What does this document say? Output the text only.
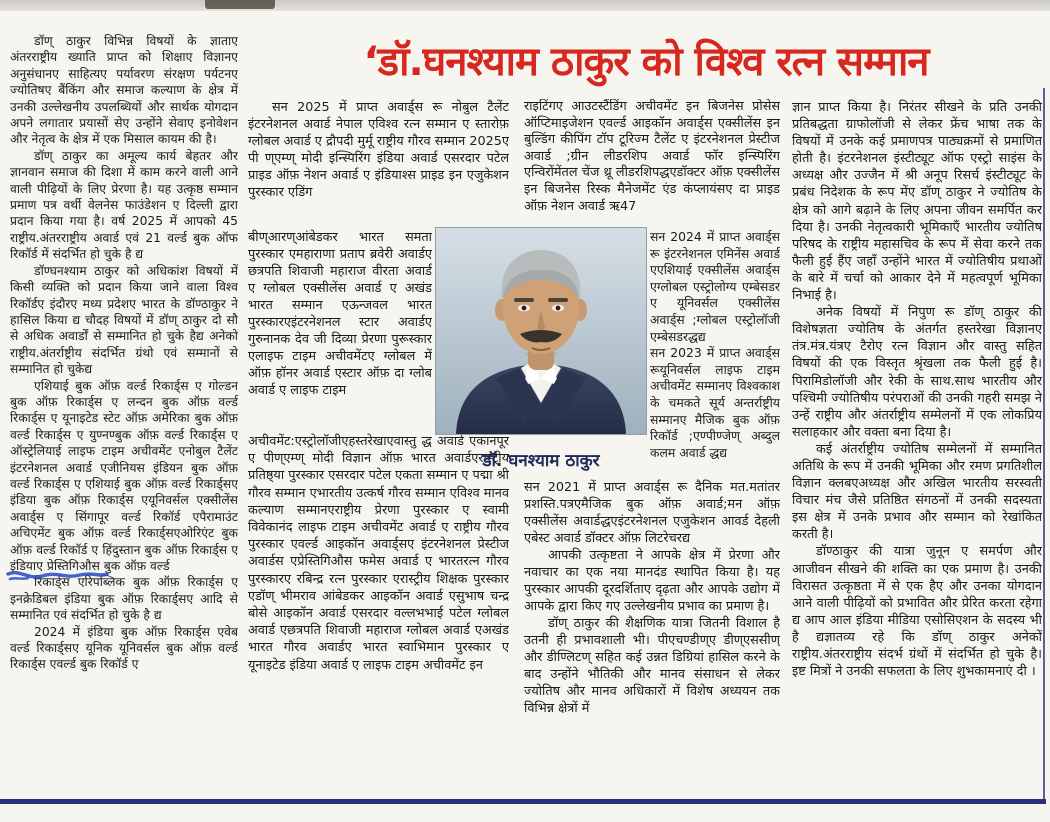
‘डॉ.घनश्याम ठाकुर को विश्व रत्न सम्मान

डॉण् ठाकुर विभिन्न विषयों के ज्ञाताए अंतरराष्ट्रीय ख्याति प्राप्त को शिक्षाए विज्ञानए अनुसंधानए साहित्यए पर्यावरण संरक्षण पर्यटनए ज्योतिषए बैंकिंग और समाज कल्याण के क्षेत्र में उनकी उल्लेखनीय उपलब्धियों और सार्थक योगदान अपने लगातार प्रयासों सेए उन्होंने सेवाए इनोवेशन और नेतृत्व के क्षेत्र में एक मिसाल कायम की है।

डॉण् ठाकुर का अमूल्य कार्य बेहतर और ज्ञानवान समाज की दिशा में काम करने वाली आने वाली पीढ़ियों के लिए प्रेरणा है। यह उत्कृष्ठ सम्मान प्रमाण पत्र वर्थी वेलनेस फाउंडेशन ए दिल्ली द्वारा प्रदान किया गया है। वर्ष 2025 में आपको 45 राष्ट्रीय.अंतरराष्ट्रीय अवार्ड एवं 21 वर्ल्ड बुक ऑफ रिकॉर्ड में संदर्भित हो चुके है द्य

डॉण्घनश्याम ठाकुर को अधिकांश विषयों में किसी व्यक्ति को प्रदान किया जाने वाला विश्व रिकॉर्डए इंदौरए मध्य प्रदेशए भारत के डॉण्ठाकुर ने हासिल किया द्य चौदह विषयों में डॉण् ठाकुर दो सौ से अधिक अवार्डों से सम्मानित हो चुके हैद्य अनेको राष्ट्रीय.अंतर्राष्ट्रीय संदर्भित ग्रंथो एवं सम्मानों से सम्मानित हो चुकेद्य

एशियाई बुक ऑफ़ वर्ल्ड रिकार्ड्स ए गोल्डन बुक ऑफ़ रिकार्ड्स ए लन्दन बुक ऑफ़ वर्ल्ड रिकार्ड्स ए यूनाइटेड स्टेट ऑफ़ अमेरिका बुक ऑफ़ वर्ल्ड रिकार्ड्स ए युण्नण्बुक ऑफ़ वर्ल्ड रिकार्ड्स ए ऑस्ट्रेलियाई लाइफ टाइम अचीवमेंट एनोबुल टैलेंट इंटरनेशनल अवार्ड एजीनियस इंडियन बुक ऑफ़ वर्ल्ड रिकार्ड्स ए एशियाई बुक ऑफ़ वर्ल्ड रिकार्ड्सए इंडिया बुक ऑफ़ रिकार्ड्स एयूनिवर्सल एक्सीलेंस अवार्ड्स ए सिंगापूर वर्ल्ड रिकॉर्ड एपैरामाउंट अचिएमेंट बुक ऑफ़ वर्ल्ड रिकार्ड्सएओरिएंट बुक ऑफ़ वर्ल्ड रिकॉर्ड ए हिंदुस्तान बुक ऑफ़ रिकार्ड्स ए इंडियाए प्रेस्तिगिऔस बुक ऑफ़ वर्ल्ड

रिकार्ड्स एरिपब्लिक बुक ऑफ़ रिकार्ड्स ए इनक्रेडिबल इंडिया बुक ऑफ़ रिकार्ड्सए आदि से सम्मानित एवं संदर्भित हो चुके है द्य

2024 में इंडिया बुक ऑफ़ रिकार्ड्स एवेब वर्ल्ड रिकार्ड्सए यूनिक यूनिवर्सल बुक ऑफ़ वर्ल्ड रिकार्ड्स एवर्ल्ड बुक रिकॉर्ड ए

सन 2025 में प्राप्त अवार्ड्स रू नोबुल टैलेंट इंटरनेशनल अवार्ड नेपाल एविश्व रत्न सम्मान ए स्तारोफ़ ग्लोबल अवार्ड ए द्रौपदी मुर्मू राष्ट्रीय गौरव सम्मान 2025ए पी ण्एम्ण् मोदी इन्स्पिरिंग इंडिया अवार्ड एसरदार पटेल प्राइड ऑफ़ नेशन अवार्ड ए इंडियाश्स प्राइड इन एजुकेशन पुरस्कार एडिंग

बीण्आरण्आंबेडकर भारत समता पुरस्कार एमहाराणा प्रताप ब्रवेरी अवार्डए छत्रपति शिवाजी महाराज वीरता अवार्ड ए ग्लोबल एक्सीलेंस अवार्ड ए अखंड भारत सम्मान एऊन्जवल भारत पुरस्कारएइंटरनेशनल स्टार अवार्डए गुरुनानक देव जी दिव्या प्रेरणा पुरूस्कार एलाइफ टाइम अचीवमेंटए ग्लोबल में ऑफ़ हॉनर अवार्ड एस्टार ऑफ़ दा ग्लोब अवार्ड ए लाइफ टाइम

अचीवमेंट:एस्ट्रोलॉजीएहस्तरेखाएवास्तु द्ध अवार्ड एकानपूर ए पीण्एम्ण् मोदी विज्ञान ऑफ़ भारत अवार्डएरास्ट्रीय प्रतिष्ठ्या पुरस्कार एसरदार पटेल एकता सम्मान ए पद्मा श्री गौरव सम्मान एभारतीय उत्कर्ष गौरव सम्मान एविश्व मानव कल्याण सम्मानएराष्ट्रीय प्रेरणा पुरस्कार ए स्वामी विवेकानंद लाइफ टाइम अचीवमेंट अवार्ड ए राष्ट्रीय गौरव पुरस्कार एवर्ल्ड आइकॉन अवार्ड्सए इंटरनेशनल प्रेस्टीज अवार्डस एप्रेस्तिगिऔस फमेस अवार्ड ए भारतरत्न गौरव पुरस्कारए रबिन्द्र रत्न पुरस्कार एरास्ट्रीय शिक्षक पुरस्कार एडॉण् भीमराव आंबेडकर आइकॉन अवार्ड एसुभाष चन्द्र बोसे आइकॉन अवार्ड एसरदार वल्लभभाई पटेल ग्लोबल अवार्ड एछत्रपति शिवाजी महाराज ग्लोबल अवार्ड एअखंड भारत गौरव अवार्डए भारत स्वाभिमान पुरस्कार ए यूनाइटेड इंडिया अवार्ड ए लाइफ टाइम अचीवमेंट इन

राइटिंगए आउटस्टैंडिंग अचीवमेंट इन बिजनेस प्रोसेस ऑप्टिमाइजेशन एवर्ल्ड आइकॉन अवार्ड्स एक्सीलेंस इन बुल्डिंग कीपिंग टॉप टूरिज्म टैलेंट ए इंटरनेशनल प्रेस्टीज अवार्ड ;ग्रीन लीडरशिप अवार्ड फॉर इन्स्पिरिंग एन्विरोंमेंतल चेंज थ्रू लीडरशिपद्धएडॉक्टर ऑफ़ एक्सीलेंस इन बिजनेस रिस्क मैनेजमेंट एंड कंप्लायंसए दा प्राइड ऑफ़ नेशन अवार्ड ऋ47

सन 2024 में प्राप्त अवार्ड्स रू इंटरनेशनल एमिनेंस अवार्ड एएशियाई एक्सीलेंस अवार्ड्स एग्लोबल एस्ट्रोलोग्य एम्बेसडर ए यूनिवर्सल एक्सीलेंस अवार्ड्स ;ग्लोबल एस्ट्रोलॉजी एम्बेसडरद्धद्य

सन 2023 में प्राप्त अवार्ड्स रूयूनिवर्सल लाइफ टाइम अचीवमेंट सम्मानए विश्वकाश के चमकते सूर्य अन्तर्राष्ट्रीय सम्मानए मैजिक बुक ऑफ़ रिकॉर्ड ;एण्पीण्जेण् अब्दुल कलम अवार्ड द्धद्य

सन 2021 में प्राप्त अवार्ड्स रू दैनिक मत.मतांतर प्रशस्ति.पत्रएमैजिक बुक ऑफ़ अवार्ड;मन ऑफ़ एक्सीलेंस अवार्डद्धएइंटरनेशनल एजुकेशन आवर्ड देहली एबेस्ट अवार्ड डॉक्टर ऑफ़ लिटरेचरद्य

आपकी उत्कृष्टता ने आपके क्षेत्र में प्रेरणा और नवाचार का एक नया मानदंड स्थापित किया है। यह पुरस्कार आपकी दूरदर्शिताए दृढ़ता और आपके उद्योग में आपके द्वारा किए गए उल्लेखनीय प्रभाव का प्रमाण है।

डॉण् ठाकुर की शैक्षणिक यात्रा जितनी विशाल है उतनी ही प्रभावशाली भी। पीएचण्डीण्ए डीण्एससीण् और डीण्लिटण् सहित कई उन्नत डिग्रियां हासिल करने के बाद उन्होंने भौतिकी और मानव संसाधन से लेकर ज्योतिष और मानव अधिकारों में विशेष अध्ययन तक विभिन्न क्षेत्रों में

ज्ञान प्राप्त किया है। निरंतर सीखने के प्रति उनकी प्रतिबद्धता ग्राफोलॉजी से लेकर फ्रेंच भाषा तक के विषयों में उनके कई प्रमाणपत्र पाठ्यक्रमों से प्रमाणित होती है। इंटरनेशनल इंस्टीट्यूट ऑफ एस्ट्रो साइंस के अध्यक्ष और उज्जैन में श्री अनूप रिसर्च इंस्टीट्यूट के प्रबंध निदेशक के रूप मेंए डॉण् ठाकुर ने ज्योतिष के क्षेत्र को आगे बढ़ाने के लिए अपना जीवन समर्पित कर दिया है। उनकी नेतृत्वकारी भूमिकाएँ भारतीय ज्योतिष परिषद के राष्ट्रीय महासचिव के रूप में सेवा करने तक फैली हुई हैंए जहाँ उन्होंने भारत में ज्योतिषीय प्रथाओं के बारे में चर्चा को आकार देने में महत्वपूर्ण भूमिका निभाई है।

अनेक विषयों में निपुण रू डॉण् ठाकुर की विशेषज्ञता ज्योतिष के अंतर्गत हस्तरेखा विज्ञानए तंत्र.मंत्र.यंत्रए टैरोए रत्न विज्ञान और वास्तु सहित विषयों की एक विस्तृत श्रृंखला तक फैली हुई है। पिरामिडोलॉजी और रेकी के साथ.साथ भारतीय और पश्चिमी ज्योतिषीय परंपराओं की उनकी गहरी समझ ने उन्हें राष्ट्रीय और अंतर्राष्ट्रीय सम्मेलनों में एक लोकप्रिय सलाहकार और वक्ता बना दिया है।

कई अंतर्राष्ट्रीय ज्योतिष सम्मेलनों में सम्मानित अतिथि के रूप में उनकी भूमिका और रमण प्रगतिशील विज्ञान क्लबएअध्यक्ष और अखिल भारतीय सरस्वती विचार मंच जैसे प्रतिष्ठित संगठनों में उनकी सदस्यता इस क्षेत्र में उनके प्रभाव और सम्मान को रेखांकित करती है।

डॉण्ठाकुर की यात्रा जुनून ए समर्पण और आजीवन सीखने की शक्ति का एक प्रमाण है। उनकी विरासत उत्कृष्ठता में से एक हैए और उनका योगदान आने वाली पीढ़ियों को प्रभावित और प्रेरित करता रहेगा द्य आप आल इंडिया मीडिया एसोसिएशन के सदस्य भी है द्यज्ञातव्य रहे कि डॉण् ठाकुर अनेकों राष्ट्रीय.अंतरराष्ट्रीय संदर्भ ग्रंथों में संदर्भित हो चुके है। इष्ट मित्रों ने उनकी सफलता के लिए शुभकामनाएं दी ।

डॉ. घनश्याम ठाकुर
